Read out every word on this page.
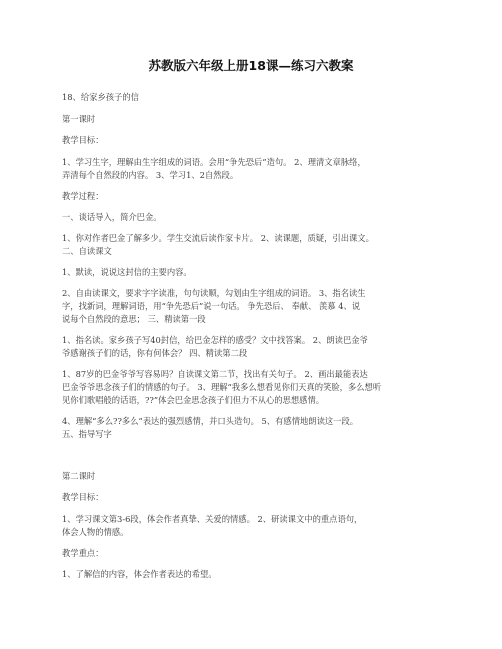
苏教版六年级上册18课—练习六教案

18、给家乡孩子的信

第一课时

教学目标：

1、学习生字，理解由生字组成的词语。会用“争先恐后”造句。 2、理清文章脉络，

弄清每个自然段的内容。 3、学习1、2自然段。

教学过程：

一、谈话导入，简介巴金。

1、你对作者巴金了解多少。学生交流后读作家卡片。 2、读课题，质疑，引出课文。

二、自读课文

1、默读，说说这封信的主要内容。

2、自由读课文，要求字字读准，句句读顺，勾划由生字组成的词语。 3、指名读生

字，找新词，理解词语，用“争先恐后”说一句话。 争先恐后、 奉献、 羡慕 4、说

说每个自然段的意思； 三、精读第一段

1、指名读。家乡孩子写40封信，给巴金怎样的感受？文中找答案。 2、朗读巴金爷

爷感谢孩子们的话，你有何体会？ 四、精读第二段

1、87岁的巴金爷爷写容易吗？自读课文第二节，找出有关句子。 2、画出最能表达

巴金爷爷思念孩子们的情感的句子。 3、理解“我多么想看见你们天真的笑脸，多么想听

见你们歌唱般的话语，??”体会巴金思念孩子们但力不从心的思想感情。

4、理解“多么??多么”表达的强烈感情，并口头造句。 5、有感情地朗读这一段。

五、指导写字

第二课时

教学目标：

1、学习课文第3-6段，体会作者真挚、关爱的情感。 2、研读课文中的重点语句，

体会人物的情感。

教学重点：

1、了解信的内容，体会作者表达的希望。
